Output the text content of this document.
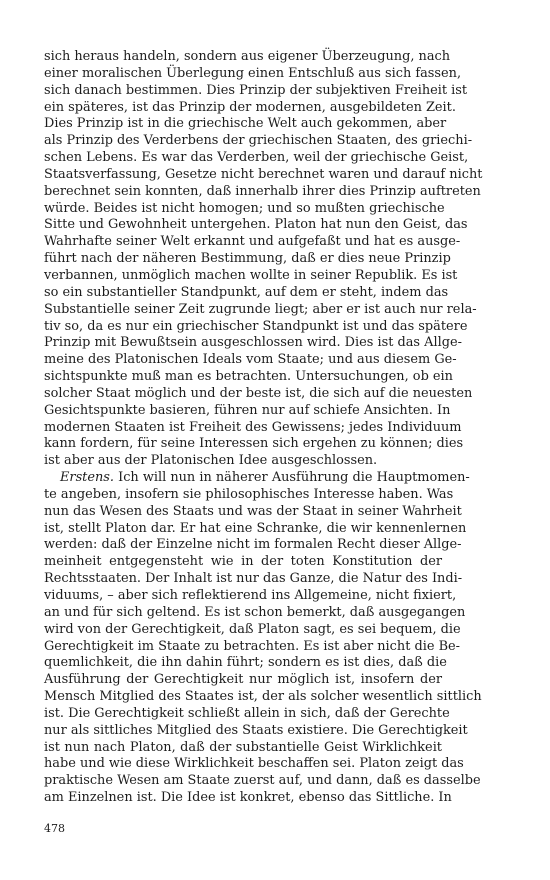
sich heraus handeln, sondern aus eigener Überzeugung, nach
einer moralischen Überlegung einen Entschluß aus sich fassen,
sich danach bestimmen. Dies Prinzip der subjektiven Freiheit ist
ein späteres, ist das Prinzip der modernen, ausgebildeten Zeit.
Dies Prinzip ist in die griechische Welt auch gekommen, aber
als Prinzip des Verderbens der griechischen Staaten, des griechi-
schen Lebens. Es war das Verderben, weil der griechische Geist,
Staatsverfassung, Gesetze nicht berechnet waren und darauf nicht
berechnet sein konnten, daß innerhalb ihrer dies Prinzip auftreten
würde. Beides ist nicht homogen; und so mußten griechische
Sitte und Gewohnheit untergehen. Platon hat nun den Geist, das
Wahrhafte seiner Welt erkannt und aufgefaßt und hat es ausge-
führt nach der näheren Bestimmung, daß er dies neue Prinzip
verbannen, unmöglich machen wollte in seiner Republik. Es ist
so ein substantieller Standpunkt, auf dem er steht, indem das
Substantielle seiner Zeit zugrunde liegt; aber er ist auch nur rela-
tiv so, da es nur ein griechischer Standpunkt ist und das spätere
Prinzip mit Bewußtsein ausgeschlossen wird. Dies ist das Allge-
meine des Platonischen Ideals vom Staate; und aus diesem Ge-
sichtspunkte muß man es betrachten. Untersuchungen, ob ein
solcher Staat möglich und der beste ist, die sich auf die neuesten
Gesichtspunkte basieren, führen nur auf schiefe Ansichten. In
modernen Staaten ist Freiheit des Gewissens; jedes Individuum
kann fordern, für seine Interessen sich ergehen zu können; dies
ist aber aus der Platonischen Idee ausgeschlossen.
Erstens. Ich will nun in näherer Ausführung die Hauptmomen-
te angeben, insofern sie philosophisches Interesse haben. Was
nun das Wesen des Staats und was der Staat in seiner Wahrheit
ist, stellt Platon dar. Er hat eine Schranke, die wir kennenlernen
werden: daß der Einzelne nicht im formalen Recht dieser Allge-
meinheit entgegensteht wie in der toten Konstitution der
Rechtsstaaten. Der Inhalt ist nur das Ganze, die Natur des Indi-
viduums, – aber sich reflektierend ins Allgemeine, nicht fixiert,
an und für sich geltend. Es ist schon bemerkt, daß ausgegangen
wird von der Gerechtigkeit, daß Platon sagt, es sei bequem, die
Gerechtigkeit im Staate zu betrachten. Es ist aber nicht die Be-
quemlichkeit, die ihn dahin führt; sondern es ist dies, daß die
Ausführung der Gerechtigkeit nur möglich ist, insofern der
Mensch Mitglied des Staates ist, der als solcher wesentlich sittlich
ist. Die Gerechtigkeit schließt allein in sich, daß der Gerechte
nur als sittliches Mitglied des Staats existiere. Die Gerechtigkeit
ist nun nach Platon, daß der substantielle Geist Wirklichkeit
habe und wie diese Wirklichkeit beschaffen sei. Platon zeigt das
praktische Wesen am Staate zuerst auf, und dann, daß es dasselbe
am Einzelnen ist. Die Idee ist konkret, ebenso das Sittliche. In
478
